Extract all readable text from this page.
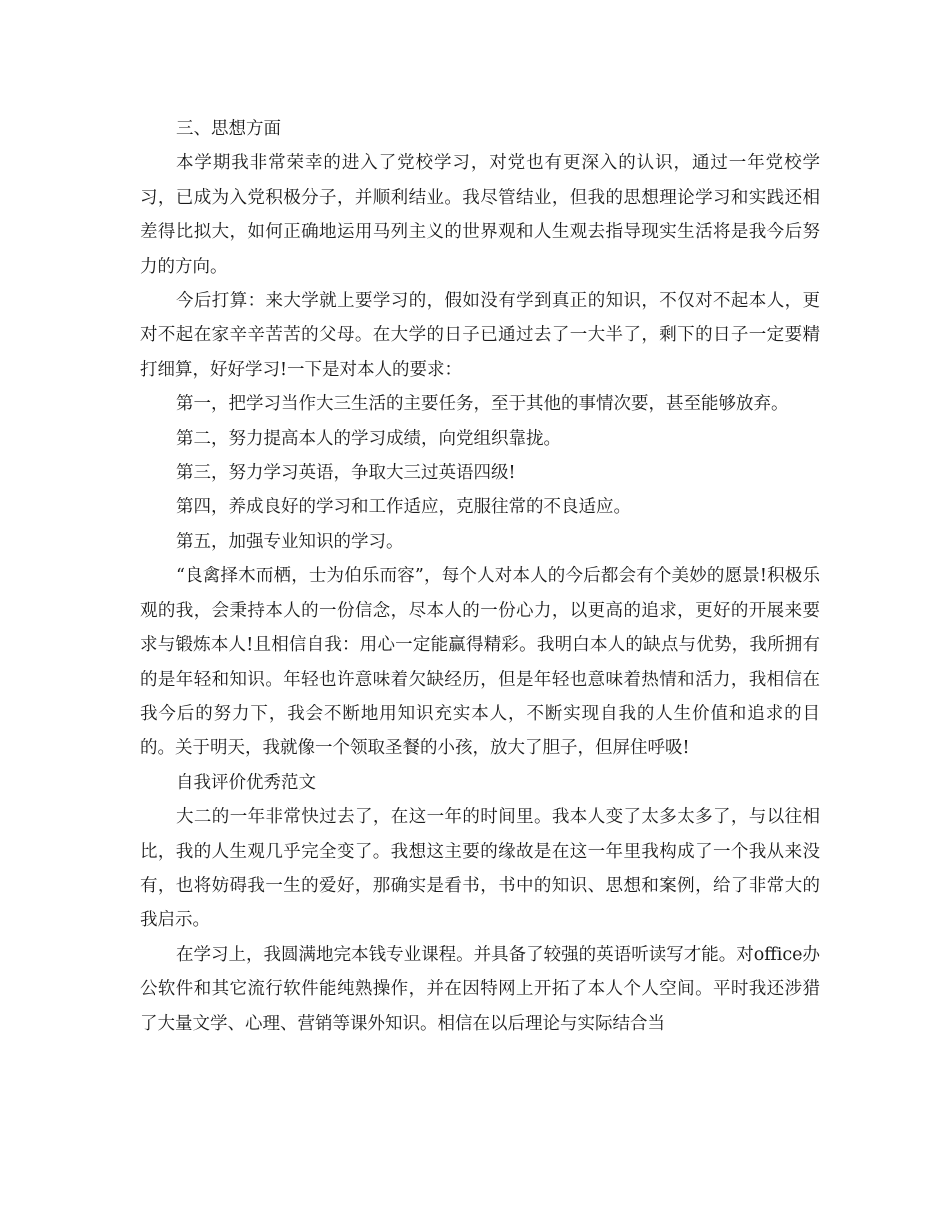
三、思想方面

本学期我非常荣幸的进入了党校学习，对党也有更深入的认识，通过一年党校学习，已成为入党积极分子，并顺利结业。我尽管结业，但我的思想理论学习和实践还相差得比拟大，如何正确地运用马列主义的世界观和人生观去指导现实生活将是我今后努力的方向。

今后打算：来大学就上要学习的，假如没有学到真正的知识，不仅对不起本人，更对不起在家辛辛苦苦的父母。在大学的日子已通过去了一大半了，剩下的日子一定要精打细算，好好学习!一下是对本人的要求：

第一，把学习当作大三生活的主要任务，至于其他的事情次要，甚至能够放弃。

第二，努力提高本人的学习成绩，向党组织靠拢。

第三，努力学习英语，争取大三过英语四级!

第四，养成良好的学习和工作适应，克服往常的不良适应。

第五，加强专业知识的学习。

“良禽择木而栖，士为伯乐而容”，每个人对本人的今后都会有个美妙的愿景!积极乐观的我，会秉持本人的一份信念，尽本人的一份心力，以更高的追求，更好的开展来要求与锻炼本人!且相信自我：用心一定能赢得精彩。我明白本人的缺点与优势，我所拥有的是年轻和知识。年轻也许意味着欠缺经历，但是年轻也意味着热情和活力，我相信在我今后的努力下，我会不断地用知识充实本人，不断实现自我的人生价值和追求的目的。关于明天，我就像一个领取圣餐的小孩，放大了胆子，但屏住呼吸!

自我评价优秀范文

大二的一年非常快过去了，在这一年的时间里。我本人变了太多太多了，与以往相比，我的人生观几乎完全变了。我想这主要的缘故是在这一年里我构成了一个我从来没有，也将妨碍我一生的爱好，那确实是看书，书中的知识、思想和案例，给了非常大的我启示。

在学习上，我圆满地完本钱专业课程。并具备了较强的英语听读写才能。对office办公软件和其它流行软件能纯熟操作，并在因特网上开拓了本人个人空间。平时我还涉猎了大量文学、心理、营销等课外知识。相信在以后理论与实际结合当
